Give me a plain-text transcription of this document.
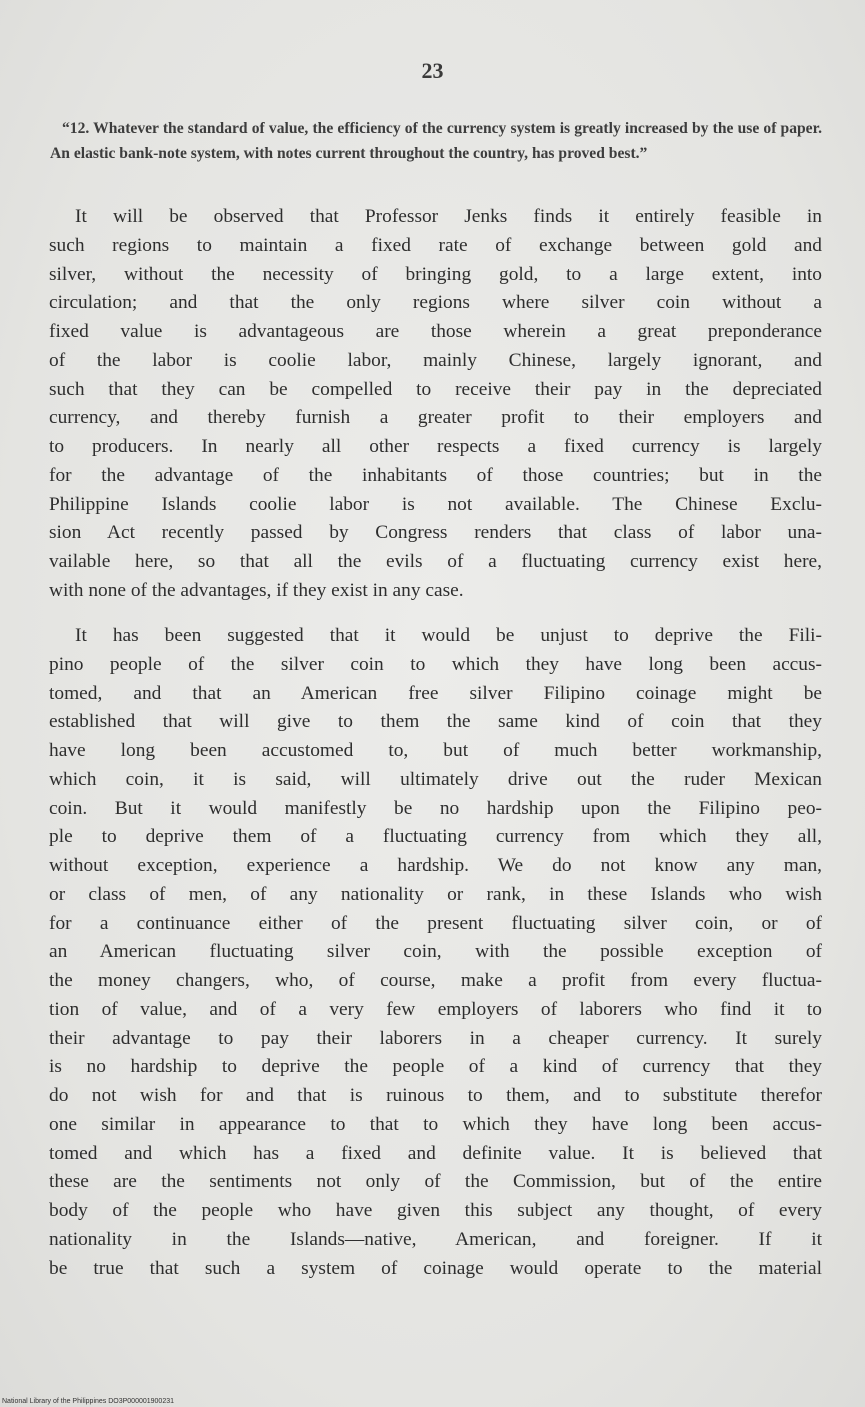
23
“12. Whatever the standard of value, the efficiency of the currency system is greatly increased by the use of paper. An elastic bank-note system, with notes current throughout the country, has proved best.”
It will be observed that Professor Jenks finds it entirely feasible in
such regions to maintain a fixed rate of exchange between gold and
silver, without the necessity of bringing gold, to a large extent, into
circulation; and that the only regions where silver coin without a
fixed value is advantageous are those wherein a great preponderance
of the labor is coolie labor, mainly Chinese, largely ignorant, and
such that they can be compelled to receive their pay in the depreciated
currency, and thereby furnish a greater profit to their employers and
to producers. In nearly all other respects a fixed currency is largely
for the advantage of the inhabitants of those countries; but in the
Philippine Islands coolie labor is not available. The Chinese Exclu-
sion Act recently passed by Congress renders that class of labor una-
vailable here, so that all the evils of a fluctuating currency exist here,
with none of the advantages, if they exist in any case.
It has been suggested that it would be unjust to deprive the Fili-
pino people of the silver coin to which they have long been accus-
tomed, and that an American free silver Filipino coinage might be
established that will give to them the same kind of coin that they
have long been accustomed to, but of much better workmanship,
which coin, it is said, will ultimately drive out the ruder Mexican
coin. But it would manifestly be no hardship upon the Filipino peo-
ple to deprive them of a fluctuating currency from which they all,
without exception, experience a hardship. We do not know any man,
or class of men, of any nationality or rank, in these Islands who wish
for a continuance either of the present fluctuating silver coin, or of
an American fluctuating silver coin, with the possible exception of
the money changers, who, of course, make a profit from every fluctua-
tion of value, and of a very few employers of laborers who find it to
their advantage to pay their laborers in a cheaper currency. It surely
is no hardship to deprive the people of a kind of currency that they
do not wish for and that is ruinous to them, and to substitute therefor
one similar in appearance to that to which they have long been accus-
tomed and which has a fixed and definite value. It is believed that
these are the sentiments not only of the Commission, but of the entire
body of the people who have given this subject any thought, of every
nationality in the Islands—native, American, and foreigner. If it
be true that such a system of coinage would operate to the material
National Library of the Philippines DO3P000001900231
